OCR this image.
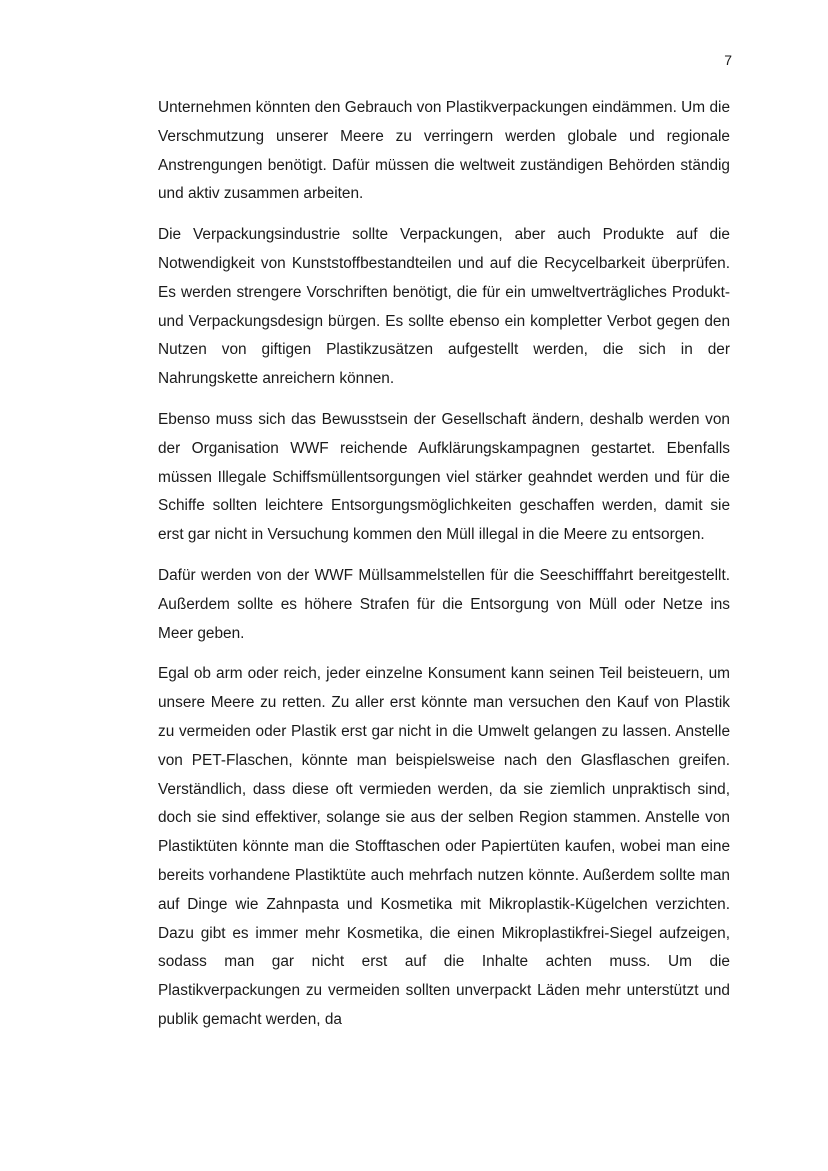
7

Unternehmen könnten den Gebrauch von Plastikverpackungen eindämmen. Um die Verschmutzung unserer Meere zu verringern werden globale und regionale Anstrengungen benötigt. Dafür müssen die weltweit zuständigen Behörden ständig und aktiv zusammen arbeiten.

Die Verpackungsindustrie sollte Verpackungen, aber auch Produkte auf die Notwendigkeit von Kunststoffbestandteilen und auf die Recycelbarkeit überprüfen. Es werden strengere Vorschriften benötigt, die für ein umweltverträgliches Produkt- und Verpackungsdesign bürgen. Es sollte ebenso ein kompletter Verbot gegen den Nutzen von giftigen Plastikzusätzen aufgestellt werden, die sich in der Nahrungskette anreichern können.

Ebenso muss sich das Bewusstsein der Gesellschaft ändern, deshalb werden von der Organisation WWF reichende Aufklärungskampagnen gestartet. Ebenfalls müssen Illegale Schiffsmüllentsorgungen viel stärker geahndet werden und für die Schiffe sollten leichtere Entsorgungsmöglichkeiten geschaffen werden, damit sie erst gar nicht in Versuchung kommen den Müll illegal in die Meere zu entsorgen.

Dafür werden von der WWF Müllsammelstellen für die Seeschifffahrt bereitgestellt. Außerdem sollte es höhere Strafen für die Entsorgung von Müll oder Netze ins Meer geben.

Egal ob arm oder reich, jeder einzelne Konsument kann seinen Teil beisteuern, um unsere Meere zu retten. Zu aller erst könnte man versuchen den Kauf von Plastik zu vermeiden oder Plastik erst gar nicht in die Umwelt gelangen zu lassen. Anstelle von PET-Flaschen, könnte man beispielsweise nach den Glasflaschen greifen. Verständlich, dass diese oft vermieden werden, da sie ziemlich unpraktisch sind, doch sie sind effektiver, solange sie aus der selben Region stammen. Anstelle von Plastiktüten könnte man die Stofftaschen oder Papiertüten kaufen, wobei man eine bereits vorhandene Plastiktüte auch mehrfach nutzen könnte. Außerdem sollte man auf Dinge wie Zahnpasta und Kosmetika mit Mikroplastik-Kügelchen verzichten. Dazu gibt es immer mehr Kosmetika, die einen Mikroplastikfrei-Siegel aufzeigen, sodass man gar nicht erst auf die Inhalte achten muss. Um die Plastikverpackungen zu vermeiden sollten unverpackt Läden mehr unterstützt und publik gemacht werden, da
